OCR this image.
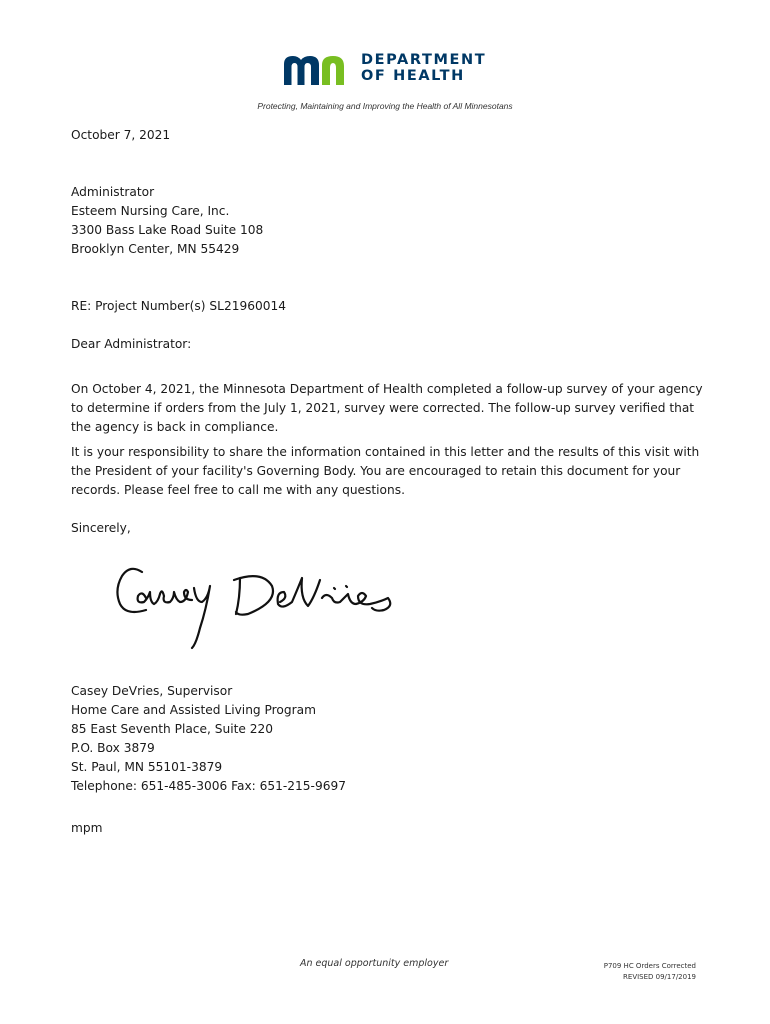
DEPARTMENT
OF HEALTH
Protecting, Maintaining and Improving the Health of All Minnesotans
October 7, 2021
Administrator
Esteem Nursing Care, Inc.
3300 Bass Lake Road Suite 108
Brooklyn Center, MN 55429
RE: Project Number(s) SL21960014
Dear Administrator:
On October 4, 2021, the Minnesota Department of Health completed a follow-up survey of your agency to determine if orders from the July 1, 2021, survey were corrected. The follow-up survey verified that the agency is back in compliance.
It is your responsibility to share the information contained in this letter and the results of this visit with the President of your facility's Governing Body. You are encouraged to retain this document for your records. Please feel free to call me with any questions.
Sincerely,
Casey DeVries, Supervisor
Home Care and Assisted Living Program
85 East Seventh Place, Suite 220
P.O. Box 3879
St. Paul, MN 55101-3879
Telephone: 651-485-3006 Fax: 651-215-9697
mpm
An equal opportunity employer	P709 HC Orders Corrected
REVISED 09/17/2019
